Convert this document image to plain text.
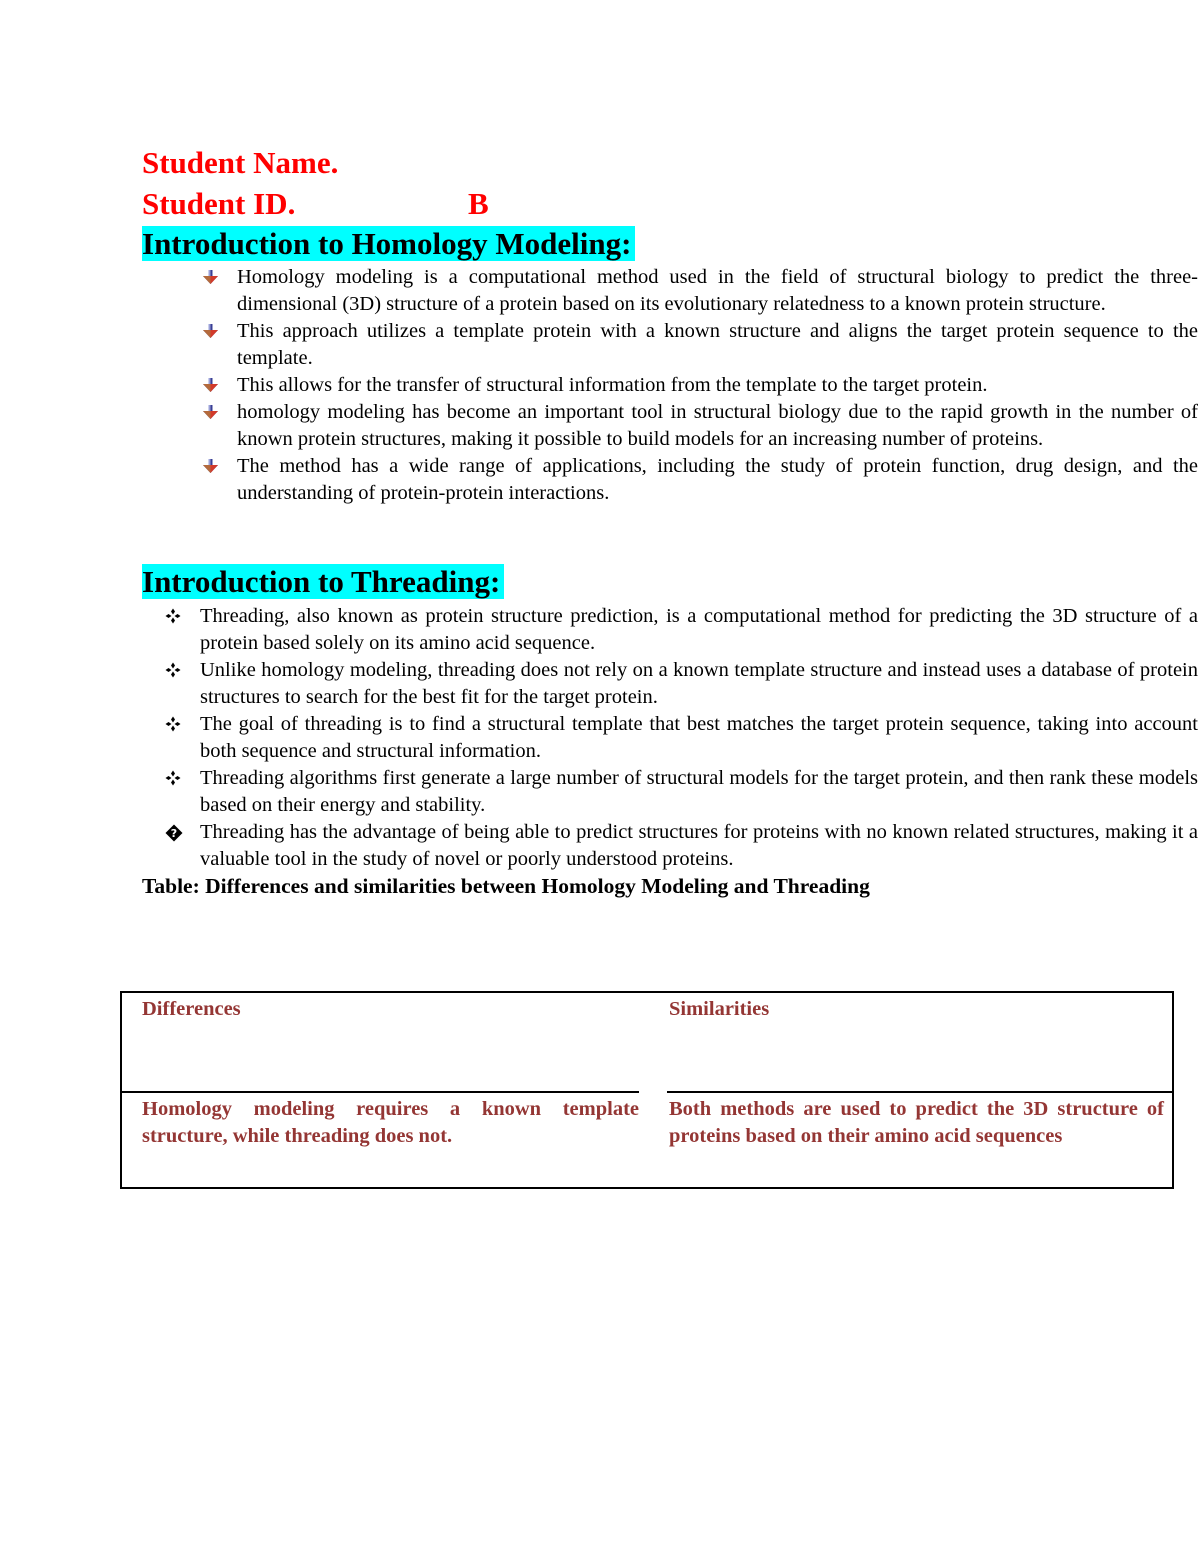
Student Name.
Student ID.	B
Introduction to Homology Modeling:
Homology modeling is a computational method used in the field of structural biology to predict the three-dimensional (3D) structure of a protein based on its evolutionary relatedness to a known protein structure.
This approach utilizes a template protein with a known structure and aligns the target protein sequence to the template.
This allows for the transfer of structural information from the template to the target protein.
homology modeling has become an important tool in structural biology due to the rapid growth in the number of known protein structures, making it possible to build models for an increasing number of proteins.
The method has a wide range of applications, including the study of protein function, drug design, and the understanding of protein-protein interactions.
Introduction to Threading:
Threading, also known as protein structure prediction, is a computational method for predicting the 3D structure of a protein based solely on its amino acid sequence.
Unlike homology modeling, threading does not rely on a known template structure and instead uses a database of protein structures to search for the best fit for the target protein.
The goal of threading is to find a structural template that best matches the target protein sequence, taking into account both sequence and structural information.
Threading algorithms first generate a large number of structural models for the target protein, and then rank these models based on their energy and stability.
? Threading has the advantage of being able to predict structures for proteins with no known related structures, making it a valuable tool in the study of novel or poorly understood proteins.
Table: Differences and similarities between Homology Modeling and Threading
Differences	Similarities
Homology modeling requires a known template structure, while threading does not.
Both methods are used to predict the 3D structure of proteins based on their amino acid sequences
